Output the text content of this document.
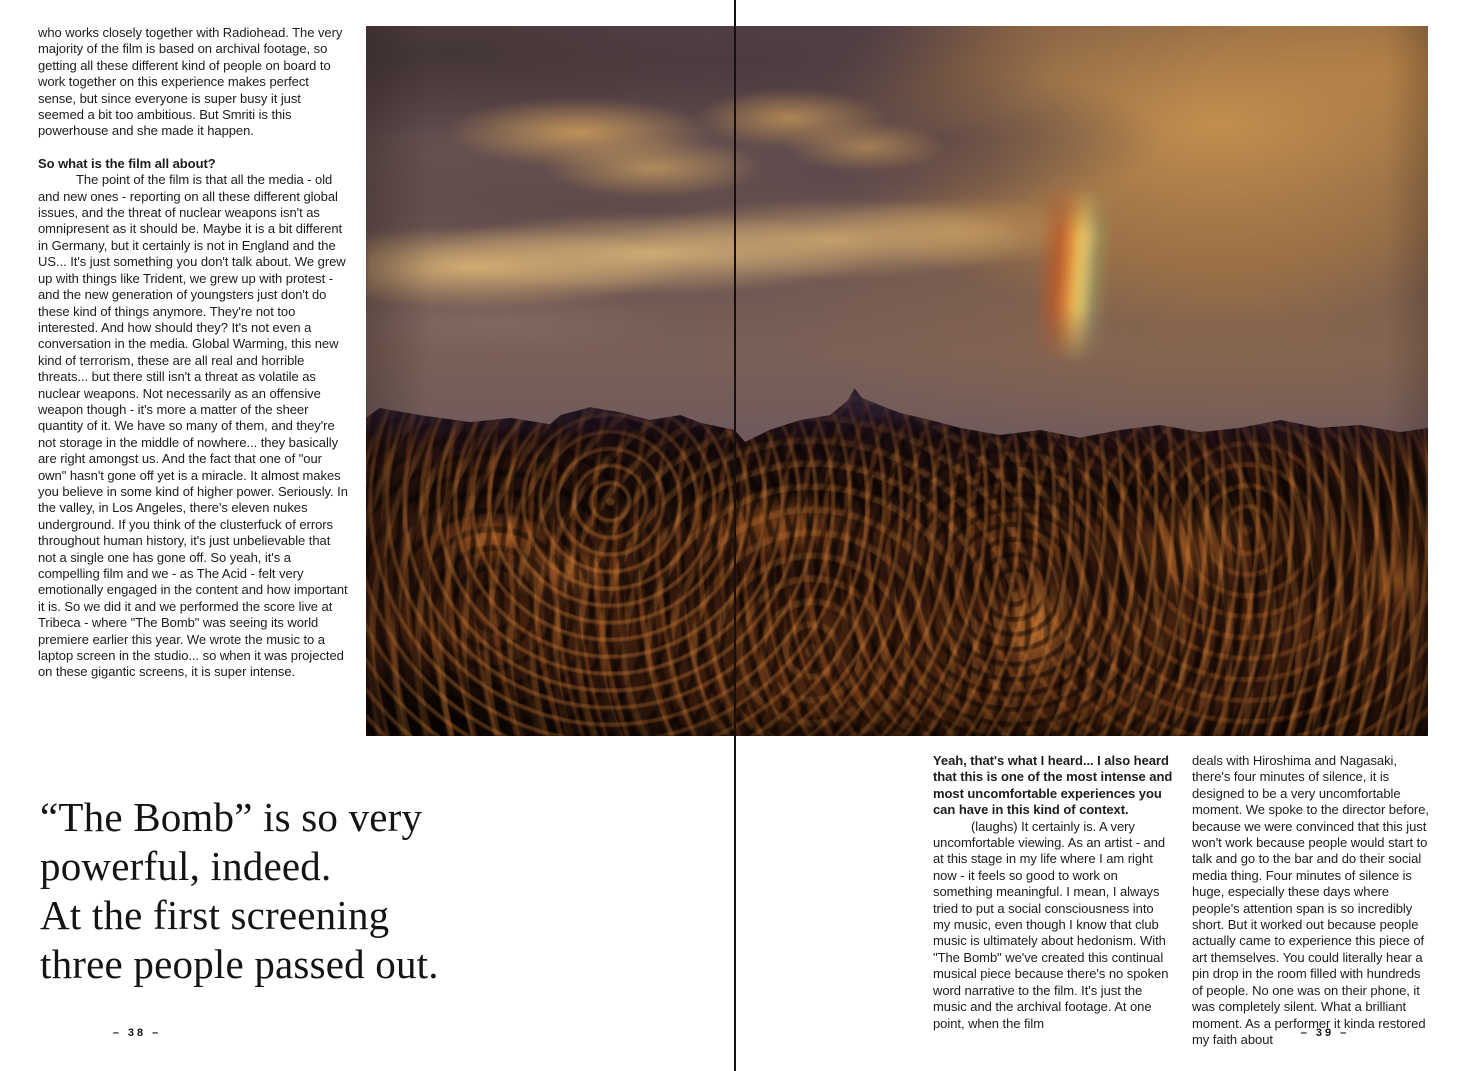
who works closely together with Radiohead. The very majority of the film is based on archival footage, so getting all these different kind of people on board to work together on this experience makes perfect sense, but since everyone is super busy it just seemed a bit too ambitious. But Smriti is this powerhouse and she made it happen.

So what is the film all about?

The point of the film is that all the media - old and new ones - reporting on all these different global issues, and the threat of nuclear weapons isn't as omnipresent as it should be. Maybe it is a bit different in Germany, but it certainly is not in England and the US... It's just something you don't talk about. We grew up with things like Trident, we grew up with protest - and the new generation of youngsters just don't do these kind of things anymore. They're not too interested. And how should they? It's not even a conversation in the media. Global Warming, this new kind of terrorism, these are all real and horrible threats... but there still isn't a threat as volatile as nuclear weapons. Not necessarily as an offensive weapon though - it's more a matter of the sheer quantity of it. We have so many of them, and they're not storage in the middle of nowhere... they basically are right amongst us. And the fact that one of "our own" hasn't gone off yet is a miracle. It almost makes you believe in some kind of higher power. Seriously. In the valley, in Los Angeles, there's eleven nukes underground. If you think of the clusterfuck of errors throughout human history, it's just unbelievable that not a single one has gone off. So yeah, it's a compelling film and we - as The Acid - felt very emotionally engaged in the content and how important it is. So we did it and we performed the score live at Tribeca - where "The Bomb" was seeing its world premiere earlier this year. We wrote the music to a laptop screen in the studio... so when it was projected on these gigantic screens, it is super intense.

“The Bomb” is so very
powerful, indeed.
At the first screening
three people passed out.

Yeah, that's what I heard... I also heard that this is one of the most intense and most uncomfortable experiences you can have in this kind of context.

(laughs) It certainly is. A very uncomfortable viewing. As an artist - and at this stage in my life where I am right now - it feels so good to work on something meaningful. I mean, I always tried to put a social consciousness into my music, even though I know that club music is ultimately about hedonism. With "The Bomb" we've created this continual musical piece because there's no spoken word narrative to the film. It's just the music and the archival footage. At one point, when the film

deals with Hiroshima and Nagasaki, there's four minutes of silence, it is designed to be a very uncomfortable moment. We spoke to the director before, because we were convinced that this just won't work because people would start to talk and go to the bar and do their social media thing. Four minutes of silence is huge, especially these days where people's attention span is so incredibly short. But it worked out because people actually came to experience this piece of art themselves. You could literally hear a pin drop in the room filled with hundreds of people. No one was on their phone, it was completely silent. What a brilliant moment. As a performer it kinda restored my faith about

– 38 –	– 39 –
